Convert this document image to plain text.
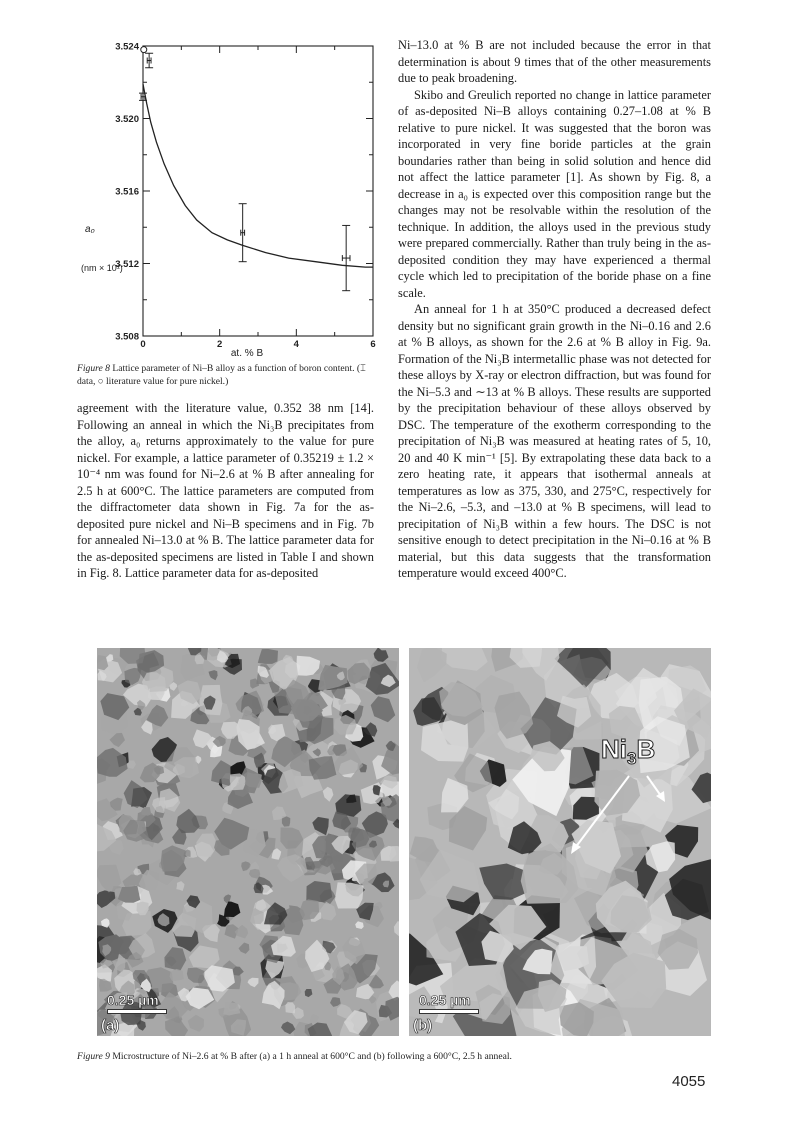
0	2	4	6
3.508
3.512
3.516
3.520
3.524
at. % B
a₀
(nm × 10¹)
Figure 8 Lattice parameter of Ni–B alloy as a function of boron content. (⌶ data, ○ literature value for pure nickel.)

agreement with the literature value, 0.352 38 nm [14]. Following an anneal in which the Ni₃B precipitates from the alloy, a₀ returns approximately to the value for pure nickel. For example, a lattice parameter of 0.35219 ± 1.2 × 10⁻⁴ nm was found for Ni–2.6 at % B after annealing for 2.5 h at 600°C. The lattice parameters are computed from the diffractometer data shown in Fig. 7a for the as-deposited pure nickel and Ni–B specimens and in Fig. 7b for annealed Ni–13.0 at % B. The lattice parameter data for the as-deposited specimens are listed in Table I and shown in Fig. 8. Lattice parameter data for as-deposited

Ni–13.0 at % B are not included because the error in that determination is about 9 times that of the other measurements due to peak broadening.

Skibo and Greulich reported no change in lattice parameter of as-deposited Ni–B alloys containing 0.27–1.08 at % B relative to pure nickel. It was suggested that the boron was incorporated in very fine boride particles at the grain boundaries rather than being in solid solution and hence did not affect the lattice parameter [1]. As shown by Fig. 8, a decrease in a₀ is expected over this composition range but the changes may not be resolvable within the resolution of the technique. In addition, the alloys used in the previous study were prepared commercially. Rather than truly being in the as-deposited condition they may have experienced a thermal cycle which led to precipitation of the boride phase on a fine scale.

An anneal for 1 h at 350°C produced a decreased defect density but no significant grain growth in the Ni–0.16 and 2.6 at % B alloys, as shown for the 2.6 at % B alloy in Fig. 9a. Formation of the Ni₃B intermetallic phase was not detected for these alloys by X-ray or electron diffraction, but was found for the Ni–5.3 and ∼13 at % B alloys. These results are supported by the precipitation behaviour of these alloys observed by DSC. The temperature of the exotherm corresponding to the precipitation of Ni₃B was measured at heating rates of 5, 10, 20 and 40 K min⁻¹ [5]. By extrapolating these data back to a zero heating rate, it appears that isothermal anneals at temperatures as low as 375, 330, and 275°C, respectively for the Ni–2.6, –5.3, and –13.0 at % B specimens, will lead to precipitation of Ni₃B within a few hours. The DSC is not sensitive enough to detect precipitation in the Ni–0.16 at % B material, but this data suggests that the transformation temperature would exceed 400°C.

0.25 µm
(a)
$Ni_3B$
0.25 µm
(b)
Figure 9 Microstructure of Ni–2.6 at % B after (a) a 1 h anneal at 600°C and (b) following a 600°C, 2.5 h anneal.
4055
